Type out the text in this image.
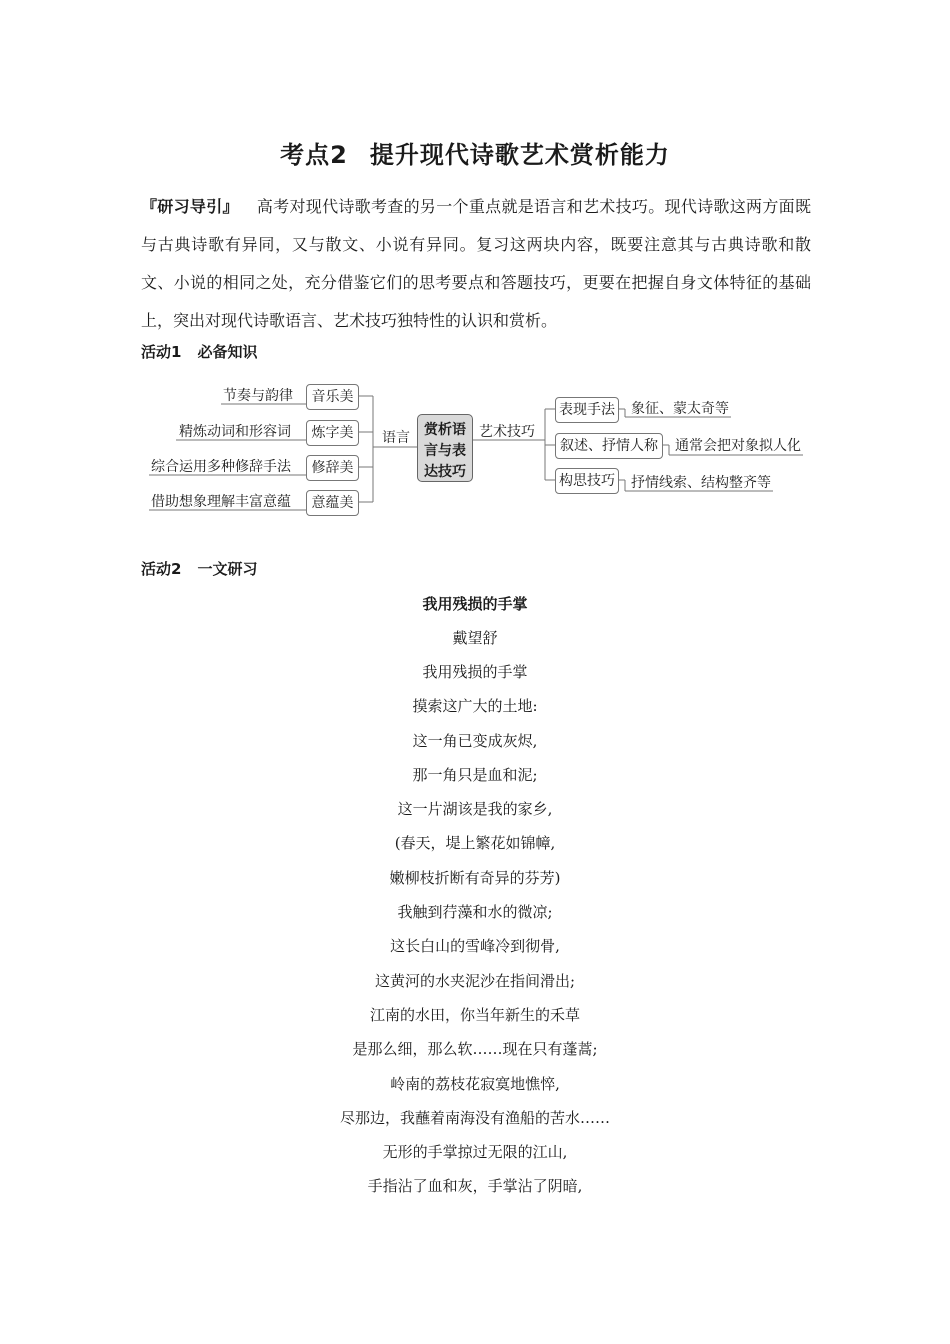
考点2 提升现代诗歌艺术赏析能力
『研习导引』 高考对现代诗歌考查的另一个重点就是语言和艺术技巧。现代诗歌这两方面既与古典诗歌有异同，又与散文、小说有异同。复习这两块内容，既要注意其与古典诗歌和散文、小说的相同之处，充分借鉴它们的思考要点和答题技巧，更要在把握自身文体特征的基础上，突出对现代诗歌语言、艺术技巧独特性的认识和赏析。
活动1 必备知识
节奏与韵律
精炼动词和形容词
综合运用多种修辞手法
借助想象理解丰富意蕴
音乐美
炼字美
修辞美
意蕴美
语言	赏析语言与表达技巧
艺术技巧
表现手法
叙述、抒情人称
构思技巧
象征、蒙太奇等
通常会把对象拟人化
抒情线索、结构整齐等
活动2 一文研习
我用残损的手掌
戴望舒
我用残损的手掌
摸索这广大的土地:
这一角已变成灰烬,
那一角只是血和泥;
这一片湖该是我的家乡,
(春天，堤上繁花如锦幛,
嫩柳枝折断有奇异的芬芳)
我触到荇藻和水的微凉;
这长白山的雪峰冷到彻骨,
这黄河的水夹泥沙在指间滑出;
江南的水田，你当年新生的禾草
是那么细，那么软……现在只有蓬蒿;
岭南的荔枝花寂寞地憔悴,
尽那边，我蘸着南海没有渔船的苦水……
无形的手掌掠过无限的江山,
手指沾了血和灰，手掌沾了阴暗,
